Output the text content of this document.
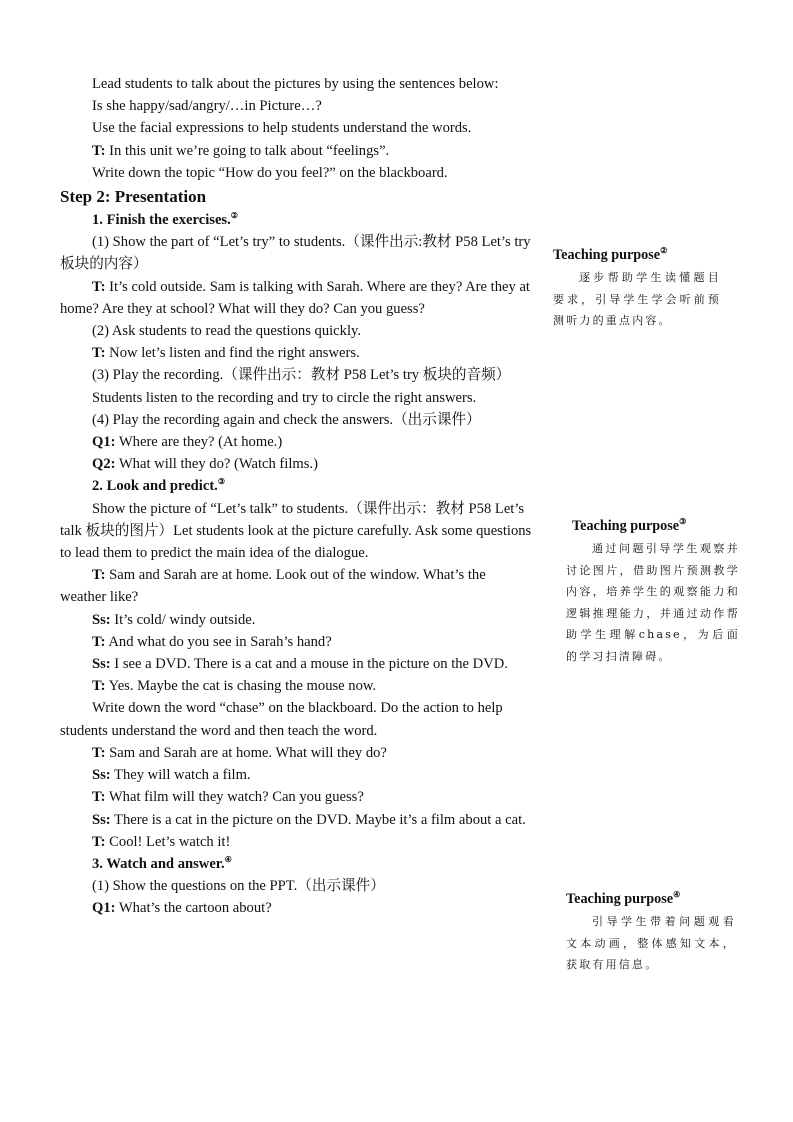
Lead students to talk about the pictures by using the sentences below:

Is she happy/sad/angry/…in Picture…?

Use the facial expressions to help students understand the words.

T: In this unit we’re going to talk about “feelings”.

Write down the topic “How do you feel?” on the blackboard.

Step 2: Presentation

1. Finish the exercises.②

(1) Show the part of “Let’s try” to students.（课件出示:教材 P58 Let’s try 板块的内容）

T: It’s cold outside. Sam is talking with Sarah. Where are they? Are they at home? Are they at school? What will they do? Can you guess?

(2) Ask students to read the questions quickly.

T: Now let’s listen and find the right answers.

(3) Play the recording.（课件出示：教材 P58 Let’s try 板块的音频）

Students listen to the recording and try to circle the right answers.

(4) Play the recording again and check the answers.（出示课件）

Q1: Where are they? (At home.)

Q2: What will they do? (Watch films.)

2. Look and predict.③

Show the picture of “Let’s talk” to students.（课件出示：教材 P58 Let’s talk 板块的图片）Let students look at the picture carefully. Ask some questions to lead them to predict the main idea of the dialogue.

T: Sam and Sarah are at home. Look out of the window. What’s the weather like?

Ss: It’s cold/ windy outside.

T: And what do you see in Sarah’s hand?

Ss: I see a DVD. There is a cat and a mouse in the picture on the DVD.

T: Yes. Maybe the cat is chasing the mouse now.

Write down the word “chase” on the blackboard. Do the action to help students understand the word and then teach the word.

T: Sam and Sarah are at home. What will they do?

Ss: They will watch a film.

T: What film will they watch? Can you guess?

Ss: There is a cat in the picture on the DVD. Maybe it’s a film about a cat.

T: Cool! Let’s watch it!

3. Watch and answer.④

(1) Show the questions on the PPT.（出示课件）

Q1: What’s the cartoon about?

Teaching purpose②

逐步帮助学生读懂题目要求，引导学生学会听前预测听力的重点内容。

Teaching purpose③

通过问题引导学生观察并讨论图片，借助图片预测教学内容，培养学生的观察能力和逻辑推理能力，并通过动作帮助学生理解chase，为后面的学习扫清障碍。

Teaching purpose④

引导学生带着问题观看文本动画，整体感知文本，获取有用信息。
